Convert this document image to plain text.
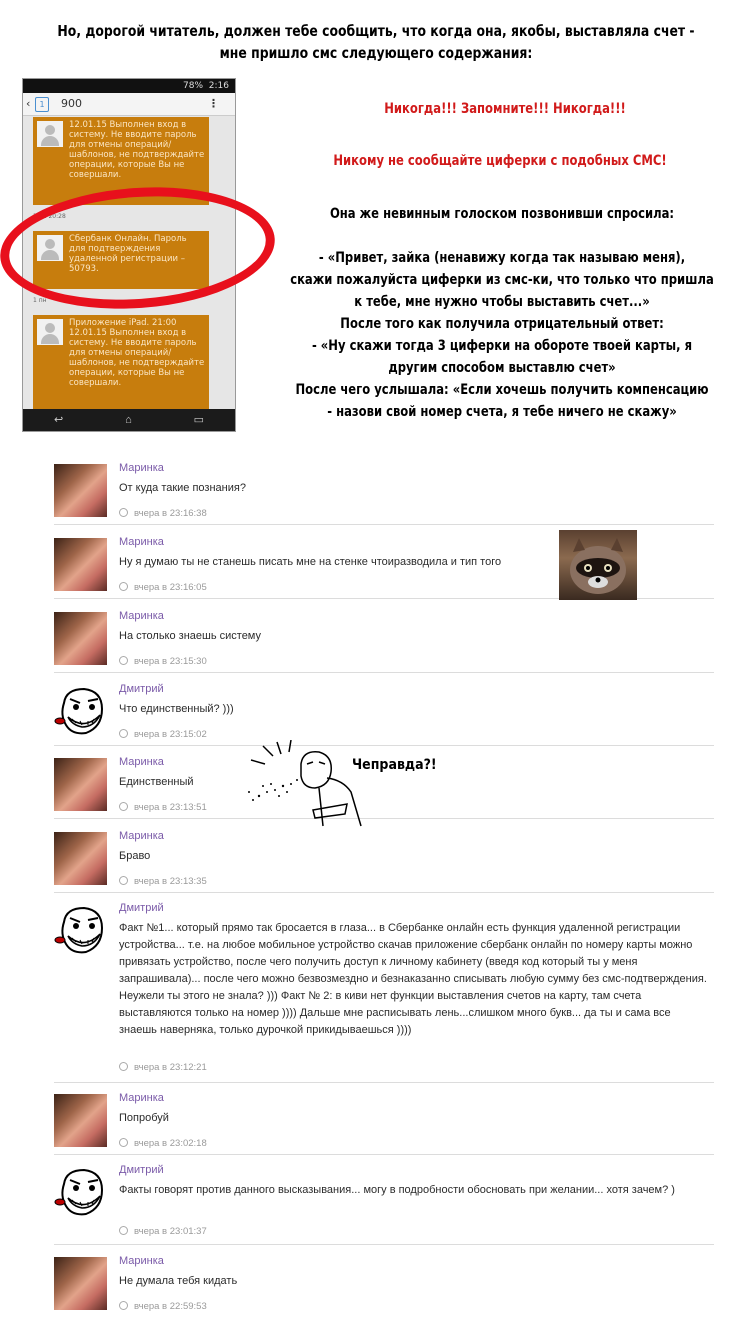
Но, дорогой читатель, должен тебе сообщить, что когда она, якобы, выставляла счет -
мне пришло смс следующего содержания:
78% 2:16
‹	1	900	⋮
12.01.15 Выполнен вход в систему. Не вводите пароль для отмены операций/шаблонов, не подтверждайте операции, которые Вы не совершали.
1 пн 20:28
Сбербанк Онлайн. Пароль для подтверждения удаленной регистрации – 50793.
1 пн
Приложение iPad. 21:00 12.01.15 Выполнен вход в систему. Не вводите пароль для отмены операций/шаблонов, не подтверждайте операции, которые Вы не совершали.
↩	⌂	▭
Никогда!!! Запомните!!! Никогда!!!
Никому не сообщайте циферки с подобных СМС!
Она же невинным голоском позвонивши спросила:
- «Привет, зайка (ненавижу когда так называю меня),
скажи пожалуйста циферки из смс-ки, что только что пришла
к тебе, мне нужно чтобы выставить счет...»
После того как получила отрицательный ответ:
- «Ну скажи тогда 3 циферки на обороте твоей карты, я
другим способом выставлю счет»
После чего услышала: «Если хочешь получить компенсацию
- назови свой номер счета, я тебе ничего не скажу»
Маринка
От куда такие познания?
вчера в 23:16:38
Маринка
Ну я думаю ты не станешь писать мне на стенке чтоиразводила и тип того
вчера в 23:16:05
Маринка
На столько знаешь систему
вчера в 23:15:30
Дмитрий
Что единственный? )))
вчера в 23:15:02
Маринка
Единственный
вчера в 23:13:51
Чеправда?!
Маринка
Браво
вчера в 23:13:35
Дмитрий
Факт №1... который прямо так бросается в глаза... в Сбербанке онлайн есть функция удаленной регистрации устройства... т.е. на любое мобильное устройство скачав приложение сбербанк онлайн по номеру карты можно привязать устройство, после чего получить доступ к личному кабинету (введя код который ты у меня запрашивала)... после чего можно безвозмездно и безнаказанно списывать любую сумму без смс-подтверждения. Неужели ты этого не знала? ))) Факт № 2: в киви нет функции выставления счетов на карту, там счета выставляются только на номер )))) Дальше мне расписывать лень...слишком много букв... да ты и сама все знаешь наверняка, только дурочкой прикидываешься ))))
вчера в 23:12:21
Маринка
Попробуй
вчера в 23:02:18
Дмитрий
Факты говорят против данного высказывания... могу в подробности обосновать при желании... хотя зачем? )
вчера в 23:01:37
Маринка
Не думала тебя кидать
вчера в 22:59:53
